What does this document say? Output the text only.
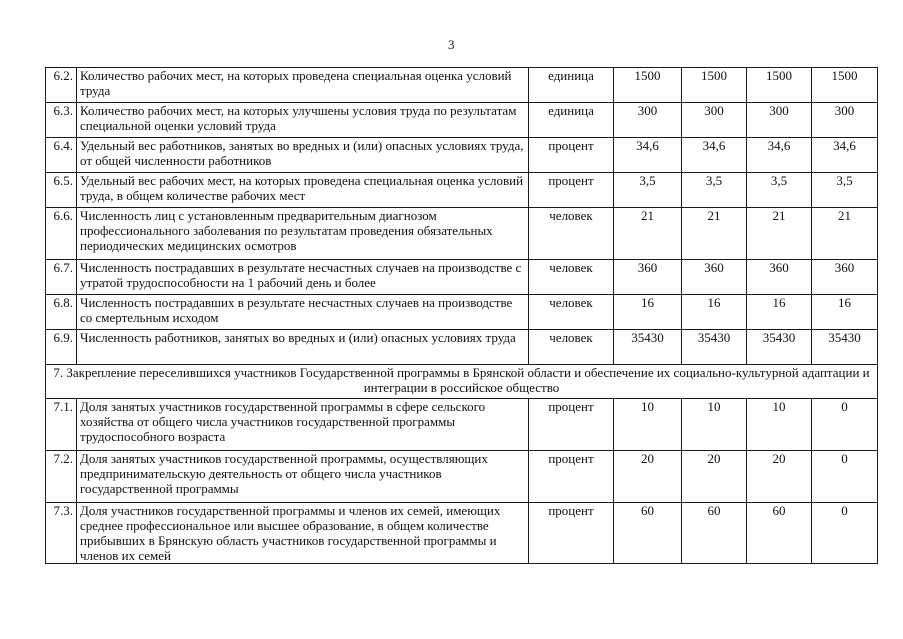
3
6.2.	Количество рабочих мест, на которых проведена специальная оценка условий труда	единица	1500	1500	1500	1500
6.3.	Количество рабочих мест, на которых улучшены условия труда по результатам специальной оценки условий труда	единица	300	300	300	300
6.4.	Удельный вес работников, занятых во вредных и (или) опасных условиях труда, от общей численности работников	процент	34,6	34,6	34,6	34,6
6.5.	Удельный вес рабочих мест, на которых проведена специальная оценка условий труда, в общем количестве рабочих мест	процент	3,5	3,5	3,5	3,5
6.6.	Численность лиц с установленным предварительным диагнозом профессионального заболевания по результатам проведения обязательных периодических медицинских осмотров	человек	21	21	21	21
6.7.	Численность пострадавших в результате несчастных случаев на производстве с утратой трудоспособности на 1 рабочий день и более	человек	360	360	360	360
6.8.	Численность пострадавших в результате несчастных случаев на производстве со смертельным исходом	человек	16	16	16	16
6.9.	Численность работников, занятых во вредных и (или) опасных условиях труда	человек	35430	35430	35430	35430
7. Закрепление переселившихся участников Государственной программы в Брянской области и обеспечение их социально-культурной адаптации и интеграции в российское общество						
7.1.	Доля занятых участников государственной программы в сфере сельского хозяйства от общего числа участников государственной программы трудоспособного возраста	процент	10	10	10	0
7.2.	Доля занятых участников государственной программы, осуществляющих предпринимательскую деятельность от общего числа участников государственной программы	процент	20	20	20	0
7.3.	Доля участников государственной программы и членов их семей, имеющих среднее профессиональное или высшее образование, в общем количестве прибывших в Брянскую область участников государственной программы и членов их семей	процент	60	60	60	0
